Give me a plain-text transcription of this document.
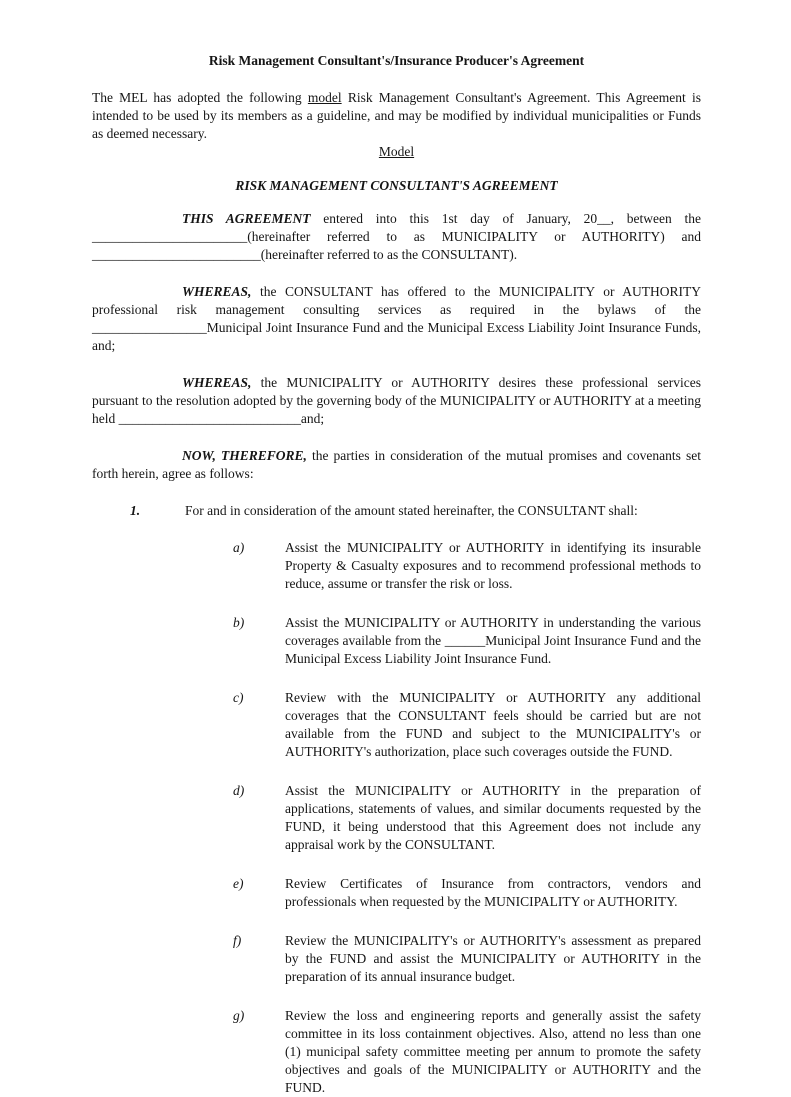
Risk Management Consultant's/Insurance Producer's Agreement

The MEL has adopted the following model Risk Management Consultant's Agreement. This Agreement is intended to be used by its members as a guideline, and may be modified by individual municipalities or Funds as deemed necessary.

Model
RISK MANAGEMENT CONSULTANT'S AGREEMENT

THIS AGREEMENT entered into this 1st day of January, 20__, between the _______________________(hereinafter referred to as MUNICIPALITY or AUTHORITY) and _________________________(hereinafter referred to as the CONSULTANT).

WHEREAS, the CONSULTANT has offered to the MUNICIPALITY or AUTHORITY professional risk management consulting services as required in the bylaws of the _________________Municipal Joint Insurance Fund and the Municipal Excess Liability Joint Insurance Funds, and;

WHEREAS, the MUNICIPALITY or AUTHORITY desires these professional services pursuant to the resolution adopted by the governing body of the MUNICIPALITY or AUTHORITY at a meeting held ___________________________and;

NOW, THEREFORE, the parties in consideration of the mutual promises and covenants set forth herein, agree as follows:

1.	For and in consideration of the amount stated hereinafter, the CONSULTANT shall:
a)	Assist the MUNICIPALITY or AUTHORITY in identifying its insurable Property & Casualty exposures and to recommend professional methods to reduce, assume or transfer the risk or loss.
b)	Assist the MUNICIPALITY or AUTHORITY in understanding the various coverages available from the ______Municipal Joint Insurance Fund and the Municipal Excess Liability Joint Insurance Fund.
c)	Review with the MUNICIPALITY or AUTHORITY any additional coverages that the CONSULTANT feels should be carried but are not available from the FUND and subject to the MUNICIPALITY's or AUTHORITY's authorization, place such coverages outside the FUND.
d)	Assist the MUNICIPALITY or AUTHORITY in the preparation of applications, statements of values, and similar documents requested by the FUND, it being understood that this Agreement does not include any appraisal work by the CONSULTANT.
e)	Review Certificates of Insurance from contractors, vendors and professionals when requested by the MUNICIPALITY or AUTHORITY.
f)	Review the MUNICIPALITY's or AUTHORITY's assessment as prepared by the FUND and assist the MUNICIPALITY or AUTHORITY in the preparation of its annual insurance budget.
g)	Review the loss and engineering reports and generally assist the safety committee in its loss containment objectives. Also, attend no less than one (1) municipal safety committee meeting per annum to promote the safety objectives and goals of the MUNICIPALITY or AUTHORITY and the FUND.
